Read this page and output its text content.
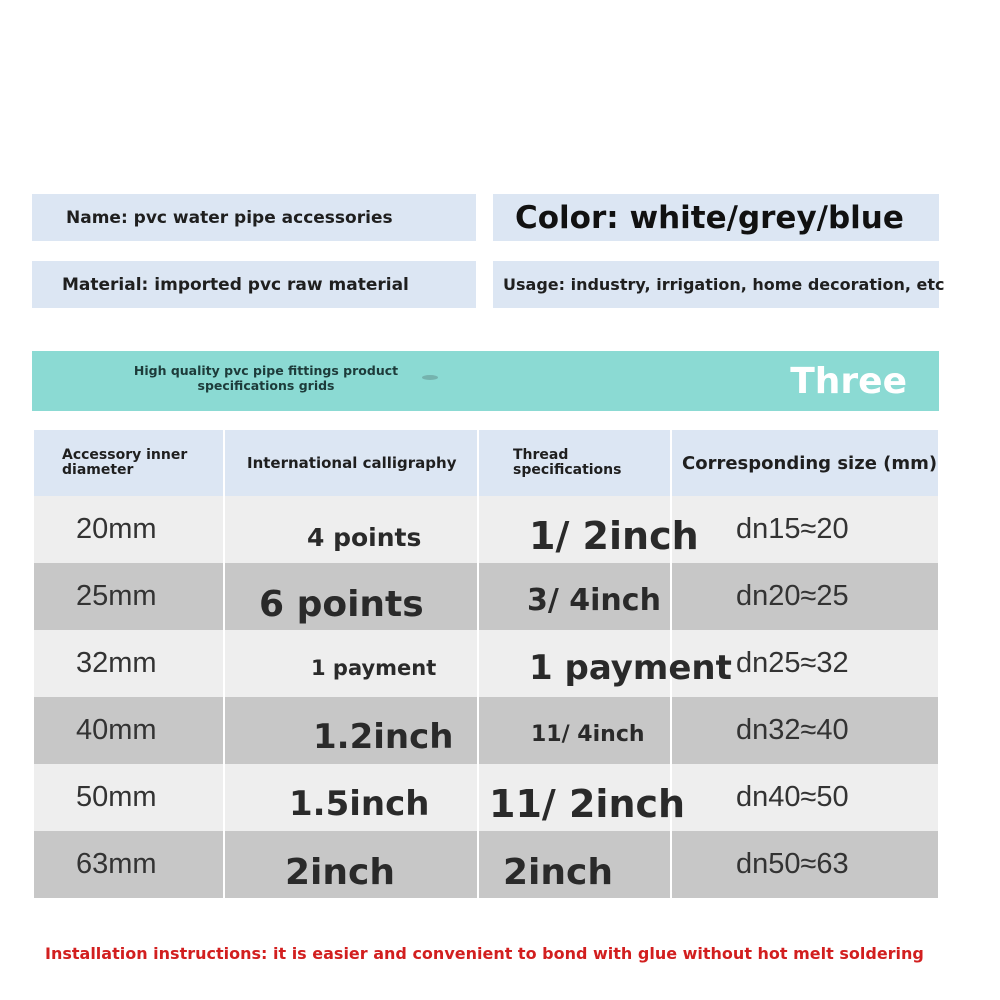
Name: pvc water pipe accessories	Color: white/grey/blue
Material: imported pvc raw material	Usage: industry, irrigation, home decoration, etc
High quality pvc pipe fittings product specifications grids	Three
Accessory inner diameter	International calligraphy	Thread specifications	Corresponding size (mm)
20mm	4 points	1/ 2inch	dn15≈20
25mm	6 points	3/ 4inch	dn20≈25
32mm	1 payment	1 payment	dn25≈32
40mm	1.2inch	11/ 4inch	dn32≈40
50mm	1.5inch	11/ 2inch	dn40≈50
63mm	2inch	2inch	dn50≈63
Installation instructions: it is easier and convenient to bond with glue without hot melt soldering
